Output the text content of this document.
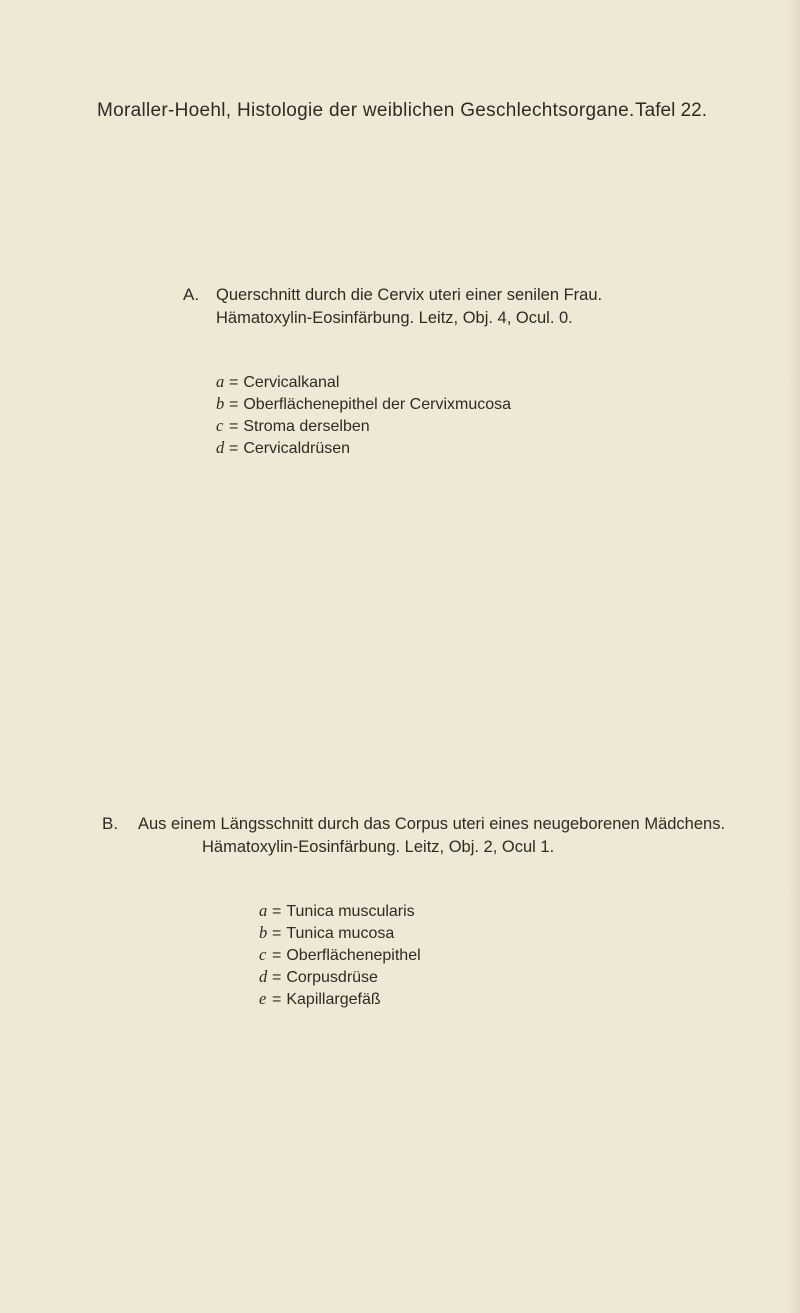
Moraller-Hoehl, Histologie der weiblichen Geschlechtsorgane. Tafel 22.
A. Querschnitt durch die Cervix uteri einer senilen Frau.
Hämatoxylin-Eosinfärbung. Leitz, Obj. 4, Ocul. 0.
a = Cervicalkanal
b = Oberflächenepithel der Cervixmucosa
c = Stroma derselben
d = Cervicaldrüsen
B. Aus einem Längsschnitt durch das Corpus uteri eines neugeborenen Mädchens.
Hämatoxylin-Eosinfärbung. Leitz, Obj. 2, Ocul 1.
a = Tunica muscularis
b = Tunica mucosa
c = Oberflächenepithel
d = Corpusdrüse
e = Kapillargefäß
